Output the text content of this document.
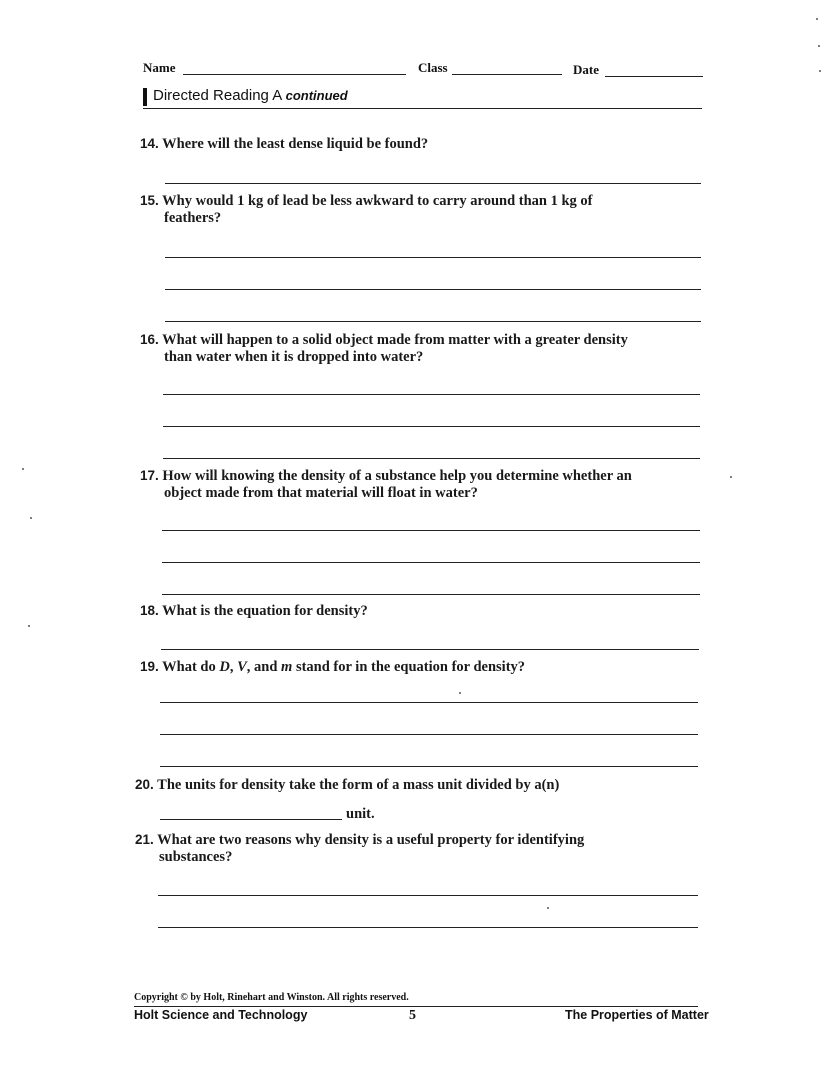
Name	Class	Date
Directed Reading A continued
14. Where will the least dense liquid be found?
15. Why would 1 kg of lead be less awkward to carry around than 1 kg of
feathers?
16. What will happen to a solid object made from matter with a greater density
than water when it is dropped into water?
17. How will knowing the density of a substance help you determine whether an
object made from that material will float in water?
18. What is the equation for density?
19. What do D, V, and m stand for in the equation for density?
20. The units for density take the form of a mass unit divided by a(n)
unit.
21. What are two reasons why density is a useful property for identifying
substances?
Copyright © by Holt, Rinehart and Winston. All rights reserved.
Holt Science and Technology	5	The Properties of Matter
